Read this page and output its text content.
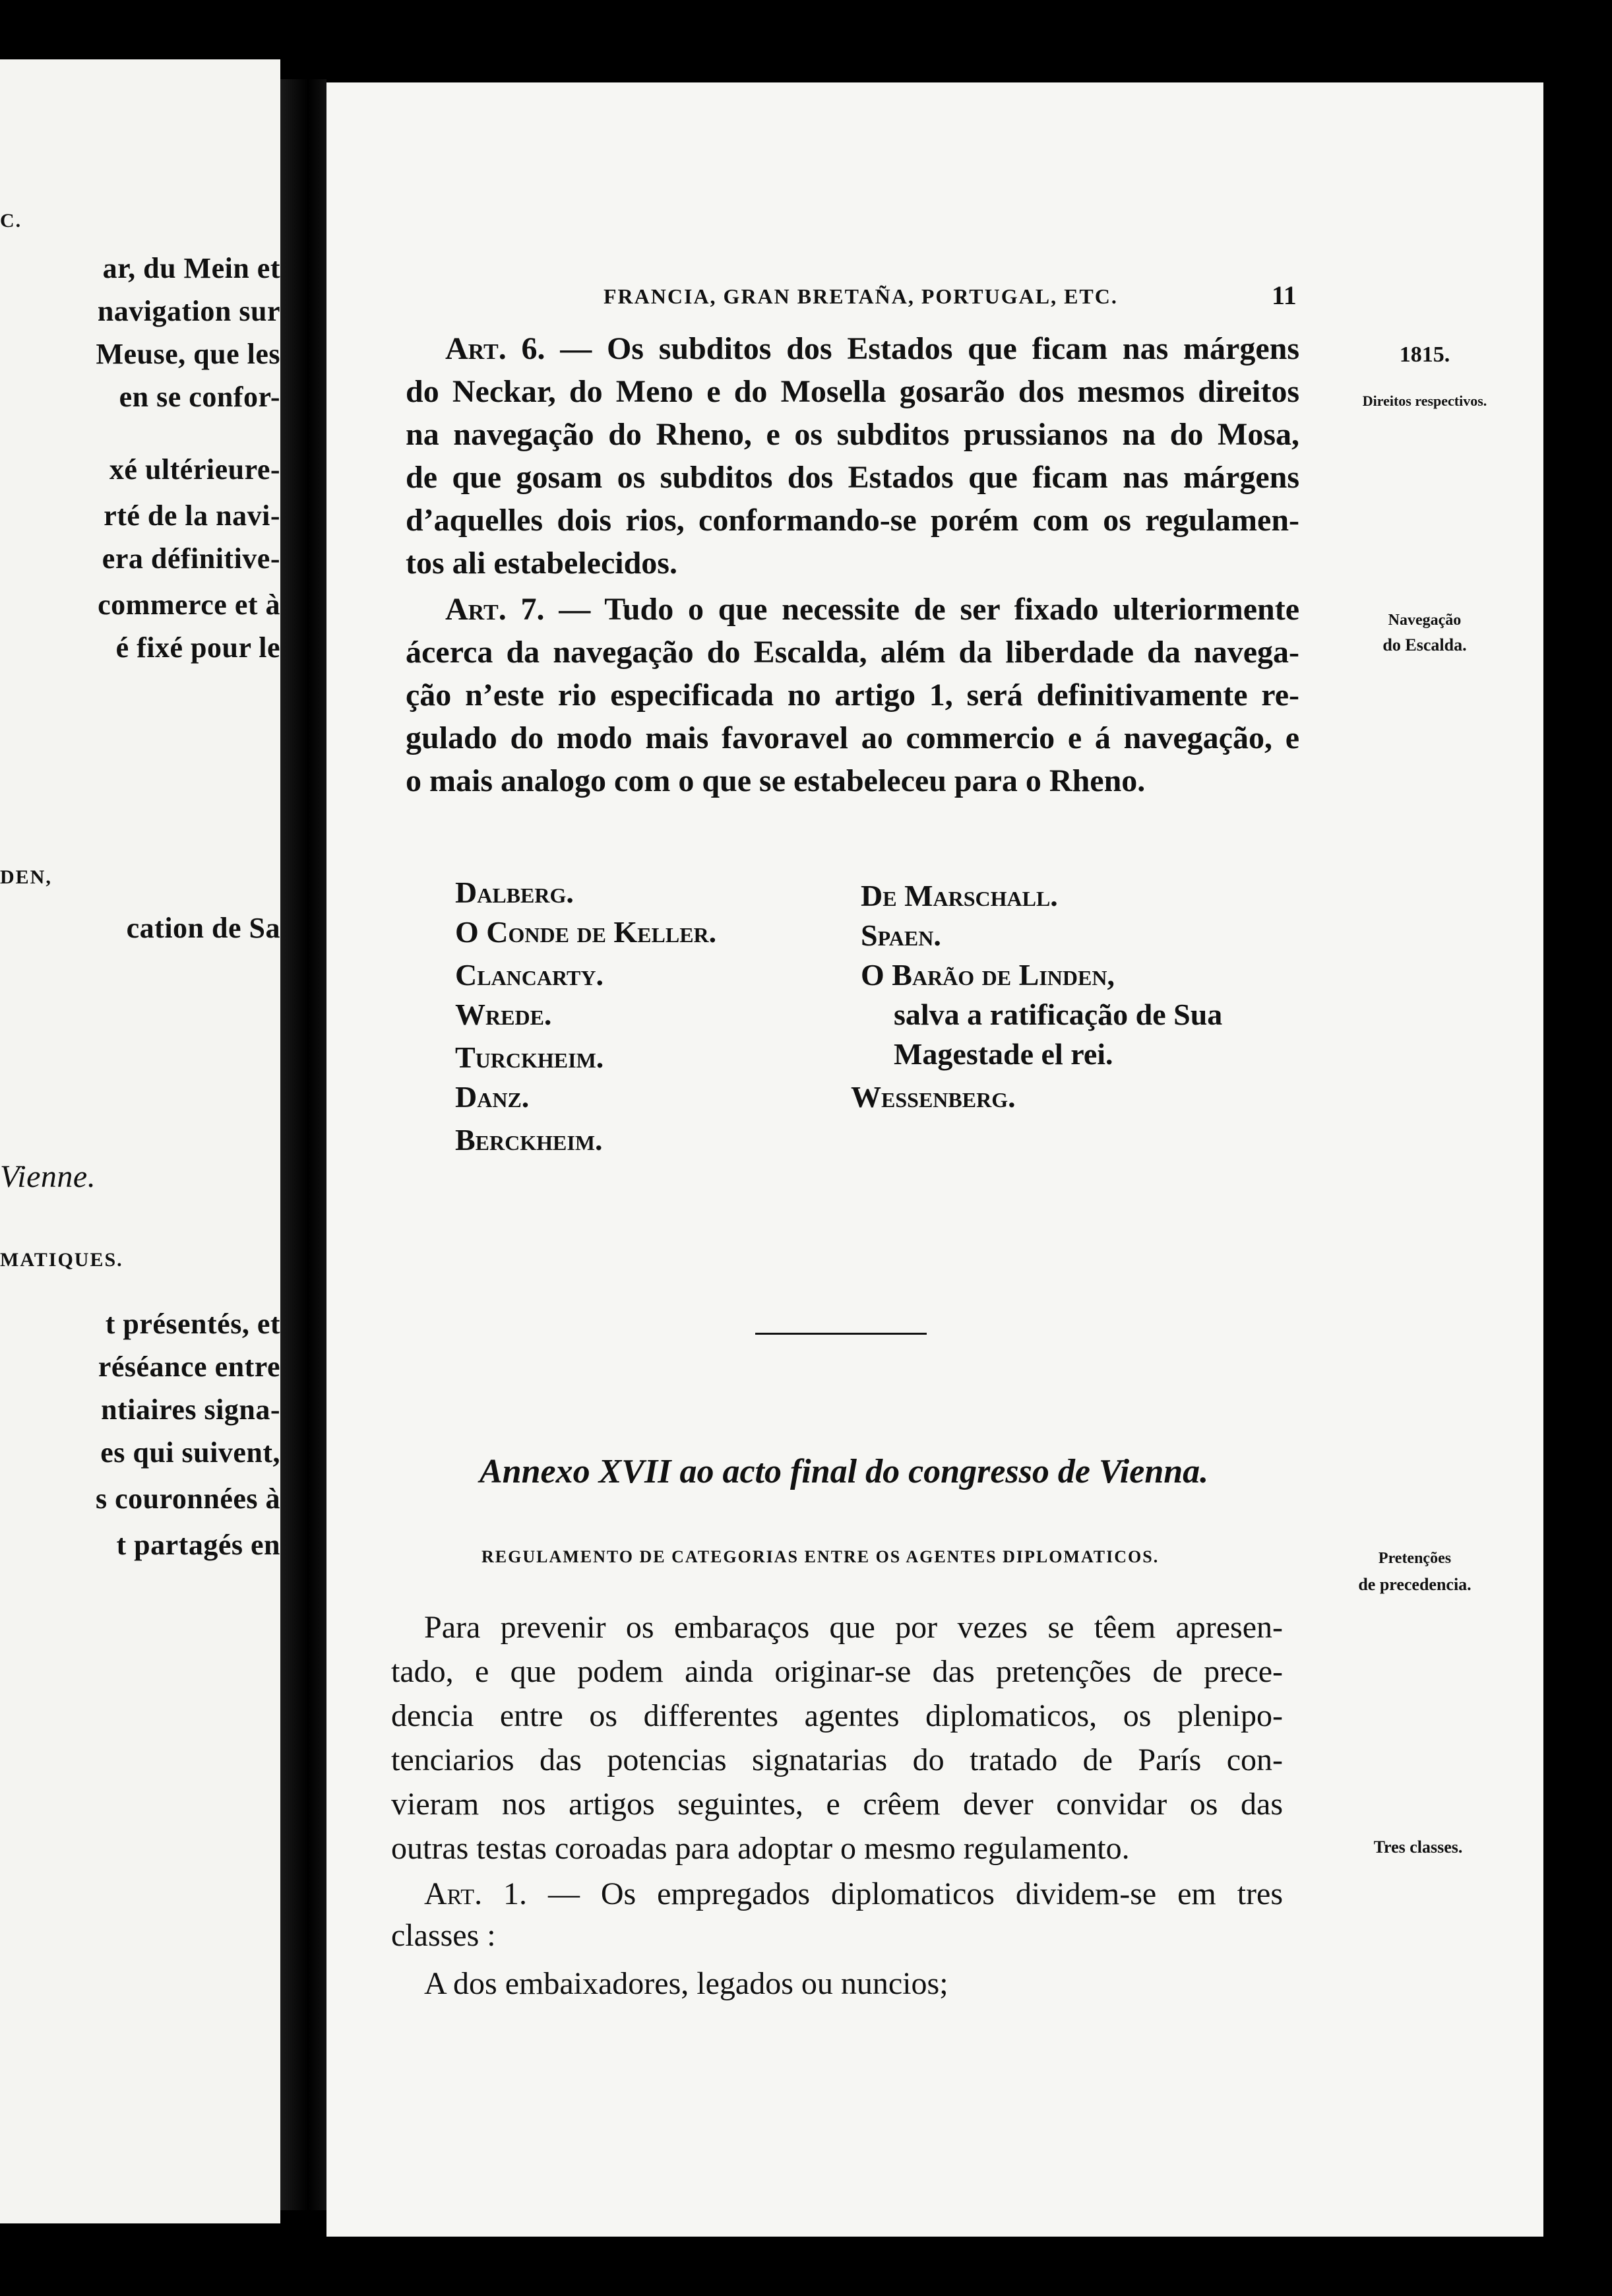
C.
ar, du Mein et
navigation sur
Meuse, que les
en se confor-
xé ultérieure-
rté de la navi-
era définitive-
commerce et à
é fixé pour le
DEN,
cation de Sa
Vienne.
MATIQUES.
t présentés, et
réséance entre
ntiaires signa-
es qui suivent,
s couronnées à
t partagés en
FRANCIA, GRAN BRETAÑA, PORTUGAL, ETC.	11
1815.
Direitos respectivos.
Navegação
do Escalda.
Pretenções
de precedencia.
Tres classes.
Art. 6. — Os subditos dos Estados que ficam nas márgens
do Neckar, do Meno e do Mosella gosarão dos mesmos direitos
na navegação do Rheno, e os subditos prussianos na do Mosa,
de que gosam os subditos dos Estados que ficam nas márgens
d’aquelles dois rios, conformando-se porém com os regulamen-
tos ali estabelecidos.
Art. 7. — Tudo o que necessite de ser fixado ulteriormente
ácerca da navegação do Escalda, além da liberdade da navega-
ção n’este rio especificada no artigo 1, será definitivamente re-
gulado do modo mais favoravel ao commercio e á navegação, e
o mais analogo com o que se estabeleceu para o Rheno.
Dalberg.
O Conde de Keller.
Clancarty.
Wrede.
Turckheim.
Danz.
Berckheim.
De Marschall.
Spaen.
O Barão de Linden,
salva a ratificação de Sua
Magestade el rei.
Wessenberg.
Annexo XVII ao acto final do congresso de Vienna.
REGULAMENTO DE CATEGORIAS ENTRE OS AGENTES DIPLOMATICOS.
Para prevenir os embaraços que por vezes se têem apresen-
tado, e que podem ainda originar-se das pretenções de prece-
dencia entre os differentes agentes diplomaticos, os plenipo-
tenciarios das potencias signatarias do tratado de París con-
vieram nos artigos seguintes, e crêem dever convidar os das
outras testas coroadas para adoptar o mesmo regulamento.
Art. 1. — Os empregados diplomaticos dividem-se em tres
classes :
A dos embaixadores, legados ou nuncios;
